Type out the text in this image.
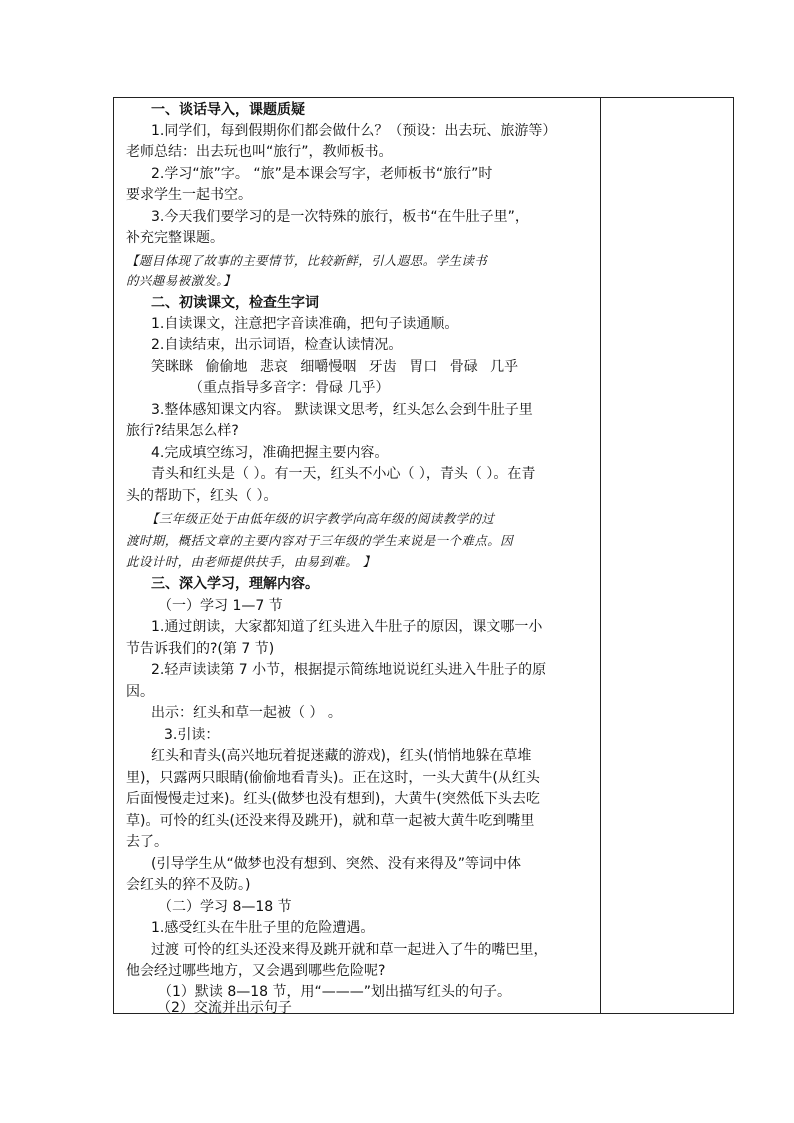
一、谈话导入，课题质疑
1.同学们，每到假期你们都会做什么？（预设：出去玩、旅游等）
老师总结：出去玩也叫“旅行”，教师板书。
2.学习“旅”字。 “旅”是本课会写字，老师板书“旅行”时
要求学生一起书空。
3.今天我们要学习的是一次特殊的旅行，板书“在牛肚子里”，
补充完整课题。
【题目体现了故事的主要情节，比较新鲜，引人遐思。学生读书
的兴趣易被激发。】
二、初读课文，检查生字词
1.自读课文，注意把字音读准确，把句子读通顺。
2.自读结束，出示词语，检查认读情况。
笑眯眯 偷偷地 悲哀 细嚼慢咽 牙齿 胃口 骨碌 几乎
（重点指导多音字：骨碌 几乎）
3.整体感知课文内容。 默读课文思考，红头怎么会到牛肚子里
旅行?结果怎么样?
4.完成填空练习，准确把握主要内容。
青头和红头是（ ）。有一天，红头不小心（ ），青头（ ）。在青
头的帮助下，红头（ ）。
【三年级正处于由低年级的识字教学向高年级的阅读教学的过
渡时期，概括文章的主要内容对于三年级的学生来说是一个难点。因
此设计时，由老师提供扶手，由易到难。 】
三、深入学习，理解内容。
（一）学习 1—7 节
1.通过朗读，大家都知道了红头进入牛肚子的原因，课文哪一小
节告诉我们的?(第 7 节)
2.轻声读读第 7 小节，根据提示简练地说说红头进入牛肚子的原
因。
出示：红头和草一起被（ ） 。
3.引读：
红头和青头(高兴地玩着捉迷藏的游戏)，红头(悄悄地躲在草堆
里)，只露两只眼睛(偷偷地看青头)。正在这时，一头大黄牛(从红头
后面慢慢走过来)。红头(做梦也没有想到)，大黄牛(突然低下头去吃
草)。可怜的红头(还没来得及跳开)，就和草一起被大黄牛吃到嘴里
去了。
(引导学生从“做梦也没有想到、突然、没有来得及”等词中体
会红头的猝不及防。)
（二）学习 8—18 节
1.感受红头在牛肚子里的危险遭遇。
过渡 可怜的红头还没来得及跳开就和草一起进入了牛的嘴巴里，
他会经过哪些地方，又会遇到哪些危险呢?
（1）默读 8—18 节，用“———”划出描写红头的句子。
（2）交流并出示句子
